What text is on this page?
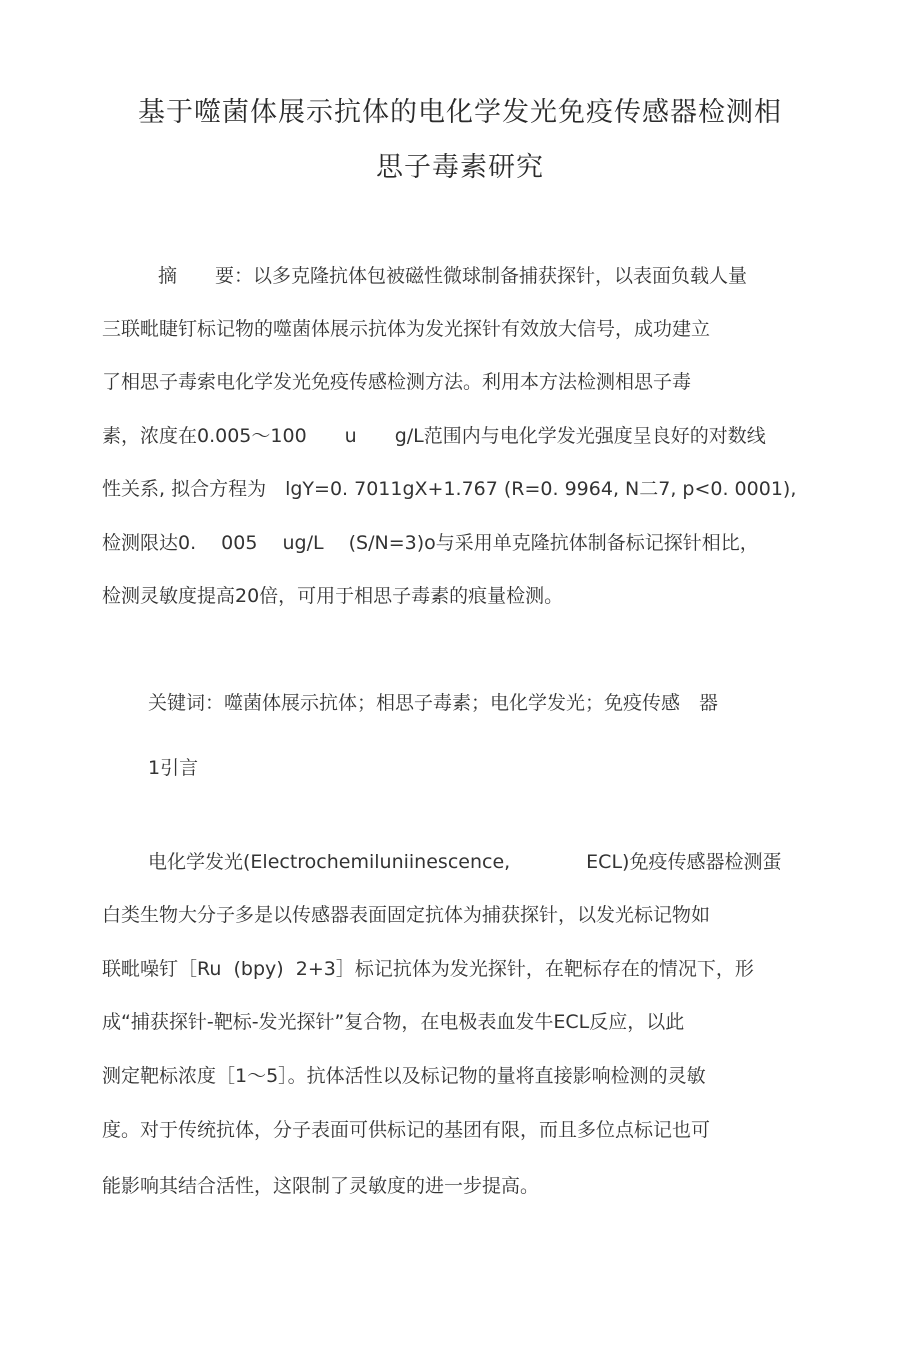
基于噬菌体展示抗体的电化学发光免疫传感器检测相
思子毒素研究
摘　　要：以多克隆抗体包被磁性微球制备捕获探针，以表面负载人量
三联毗睫钉标记物的噬菌体展示抗体为发光探针有效放大信号，成功建立
了相思子毒索电化学发光免疫传感检测方法。利用本方法检测相思子毒
素，浓度在0.005～100　　u　　g/L范围内与电化学发光强度呈良好的对数线
性关系, 拟合方程为　lgY=0. 7011gX+1.767 (R=0. 9964, N二7, p<0. 0001),
检测限达0.　 005　 ug/L　 (S/N=3)o与采用单克隆抗体制备标记探针相比，
检测灵敏度提高20倍，可用于相思子毒素的痕量检测。
关键词：噬菌体展示抗体；相思子毒素；电化学发光；免疫传感　器
1引言
电化学发光(Electrochemiluniinescence,　　　　ECL)免疫传感器检测蛋
白类生物大分子多是以传感器表面固定抗体为捕获探针，以发光标记物如
联毗噪钉［Ru  (bpy)  2+3］标记抗体为发光探针，在靶标存在的情况下，形
成“捕获探针-靶标-发光探针”复合物，在电极表血发牛ECL反应，以此
测定靶标浓度［1～5］。抗体活性以及标记物的量将直接影响检测的灵敏
度。对于传统抗体，分子表面可供标记的基团有限，而且多位点标记也可
能影响其结合活性，这限制了灵敏度的进一步提高。
